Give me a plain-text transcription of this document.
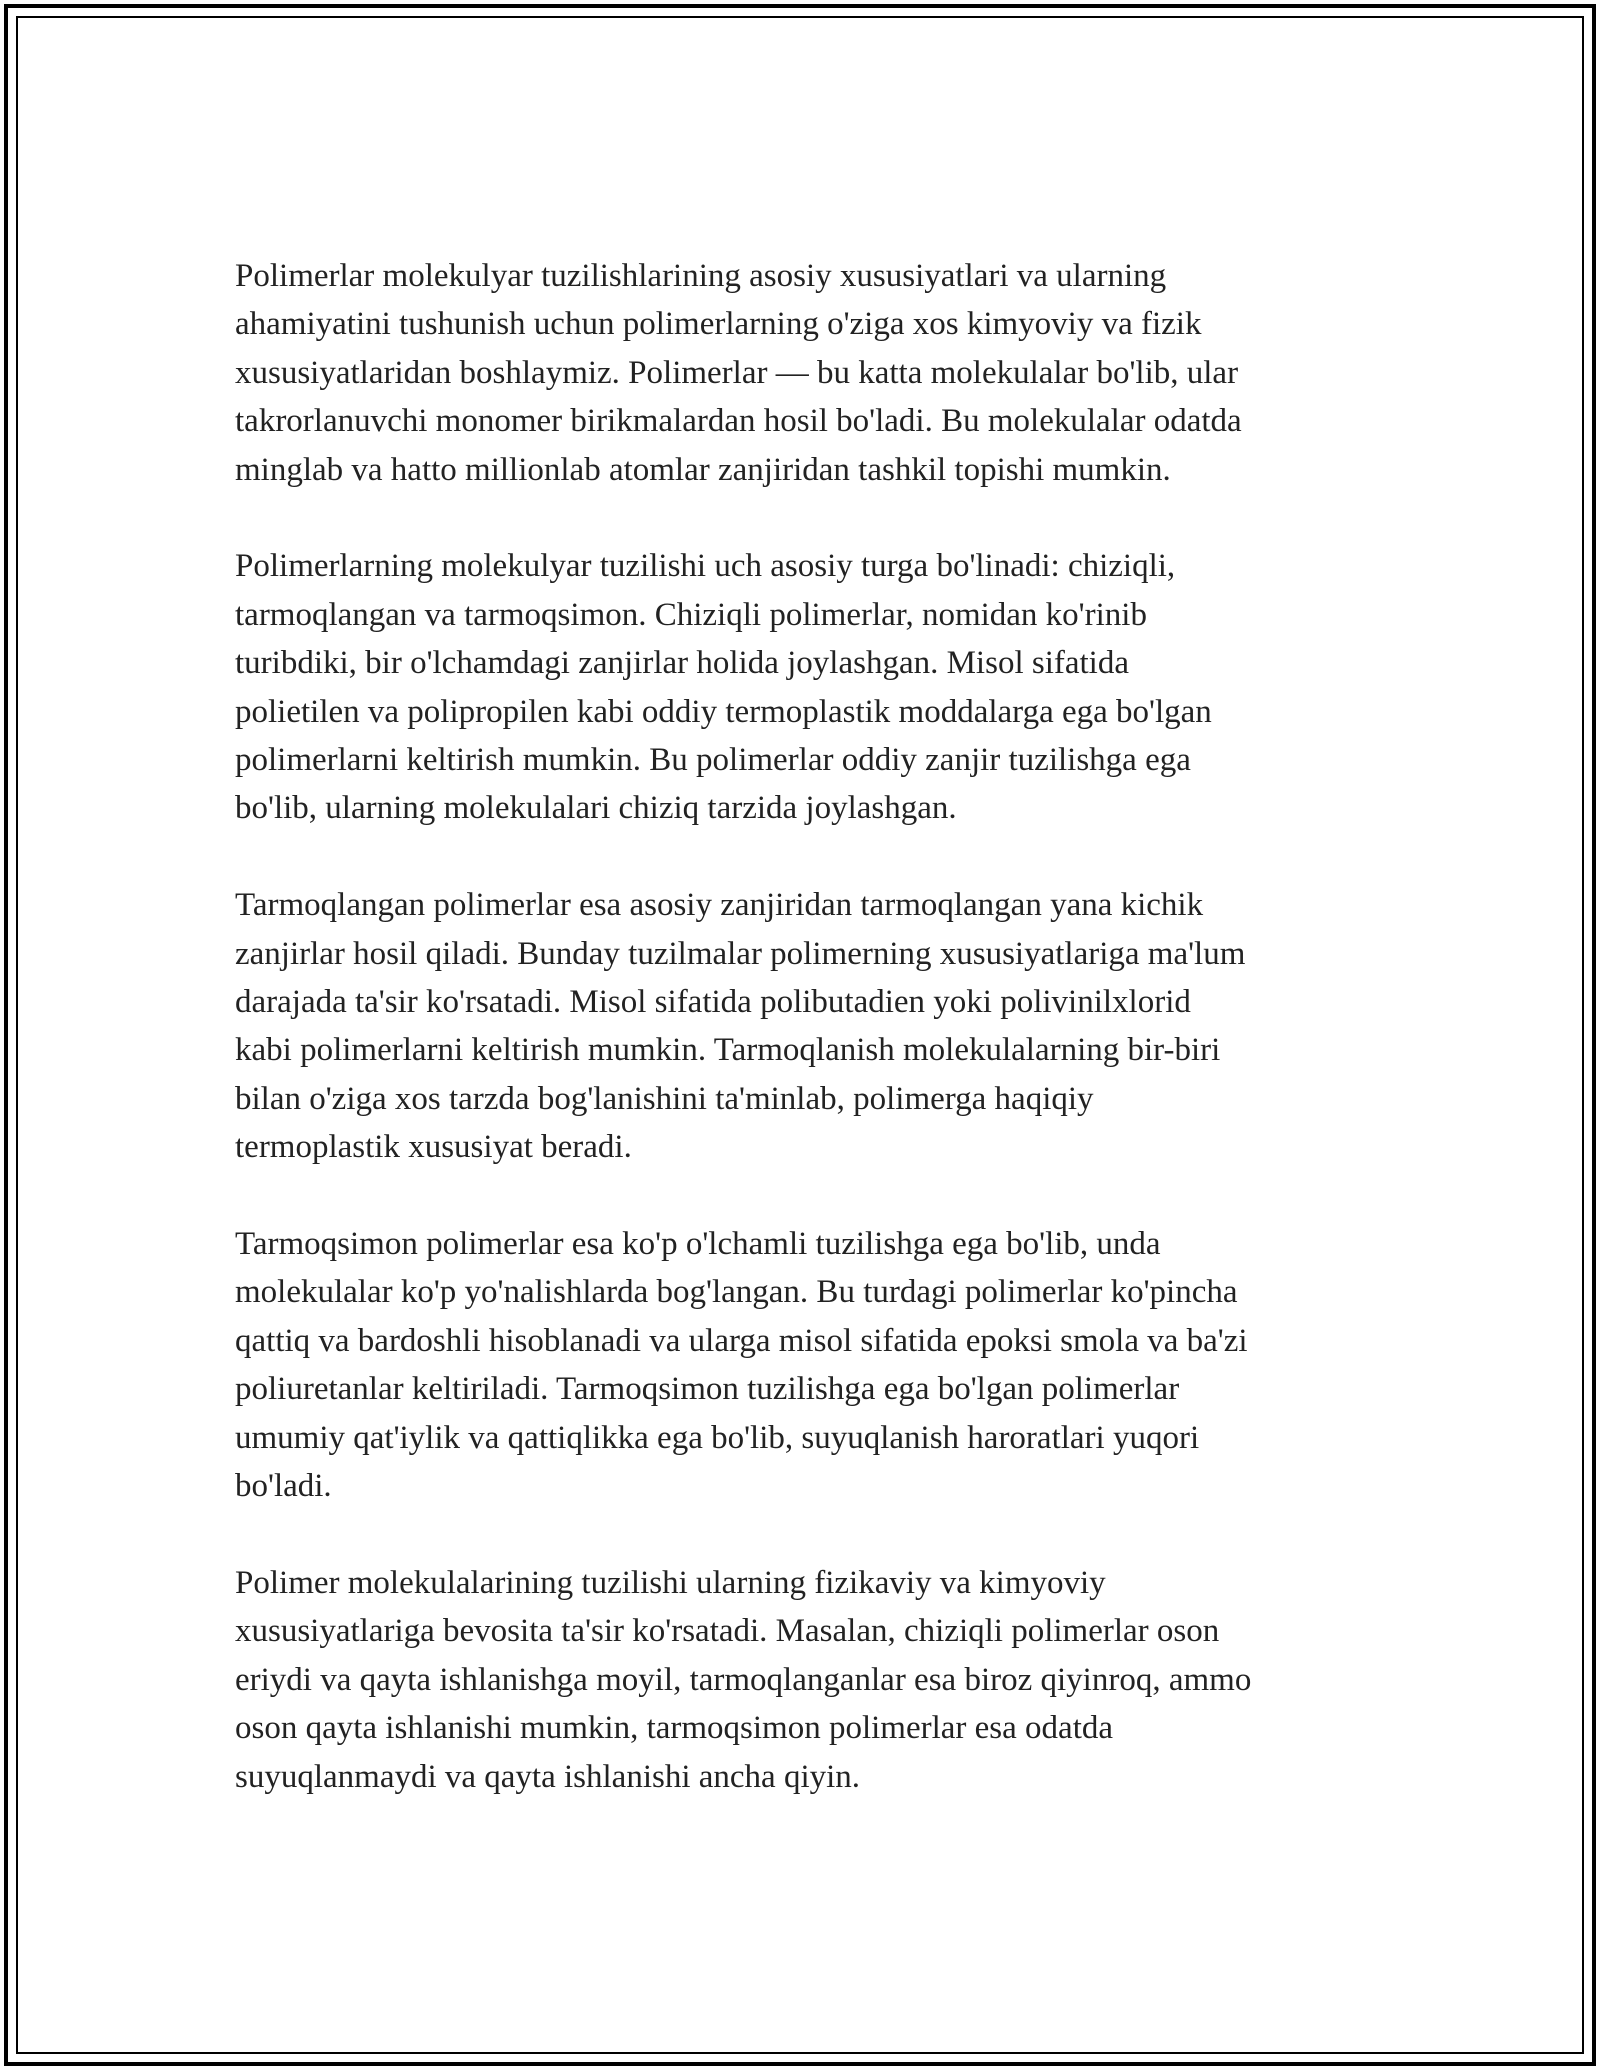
Polimerlar molekulyar tuzilishlarining asosiy xususiyatlari va ularning
ahamiyatini tushunish uchun polimerlarning o'ziga xos kimyoviy va fizik
xususiyatlaridan boshlaymiz. Polimerlar — bu katta molekulalar bo'lib, ular
takrorlanuvchi monomer birikmalardan hosil bo'ladi. Bu molekulalar odatda
minglab va hatto millionlab atomlar zanjiridan tashkil topishi mumkin.

Polimerlarning molekulyar tuzilishi uch asosiy turga bo'linadi: chiziqli,
tarmoqlangan va tarmoqsimon. Chiziqli polimerlar, nomidan ko'rinib
turibdiki, bir o'lchamdagi zanjirlar holida joylashgan. Misol sifatida
polietilen va polipropilen kabi oddiy termoplastik moddalarga ega bo'lgan
polimerlarni keltirish mumkin. Bu polimerlar oddiy zanjir tuzilishga ega
bo'lib, ularning molekulalari chiziq tarzida joylashgan.

Tarmoqlangan polimerlar esa asosiy zanjiridan tarmoqlangan yana kichik
zanjirlar hosil qiladi. Bunday tuzilmalar polimerning xususiyatlariga ma'lum
darajada ta'sir ko'rsatadi. Misol sifatida polibutadien yoki polivinilxlorid
kabi polimerlarni keltirish mumkin. Tarmoqlanish molekulalarning bir-biri
bilan o'ziga xos tarzda bog'lanishini ta'minlab, polimerga haqiqiy
termoplastik xususiyat beradi.

Tarmoqsimon polimerlar esa ko'p o'lchamli tuzilishga ega bo'lib, unda
molekulalar ko'p yo'nalishlarda bog'langan. Bu turdagi polimerlar ko'pincha
qattiq va bardoshli hisoblanadi va ularga misol sifatida epoksi smola va ba'zi
poliuretanlar keltiriladi. Tarmoqsimon tuzilishga ega bo'lgan polimerlar
umumiy qat'iylik va qattiqlikka ega bo'lib, suyuqlanish haroratlari yuqori
bo'ladi.

Polimer molekulalarining tuzilishi ularning fizikaviy va kimyoviy
xususiyatlariga bevosita ta'sir ko'rsatadi. Masalan, chiziqli polimerlar oson
eriydi va qayta ishlanishga moyil, tarmoqlanganlar esa biroz qiyinroq, ammo
oson qayta ishlanishi mumkin, tarmoqsimon polimerlar esa odatda
suyuqlanmaydi va qayta ishlanishi ancha qiyin.
